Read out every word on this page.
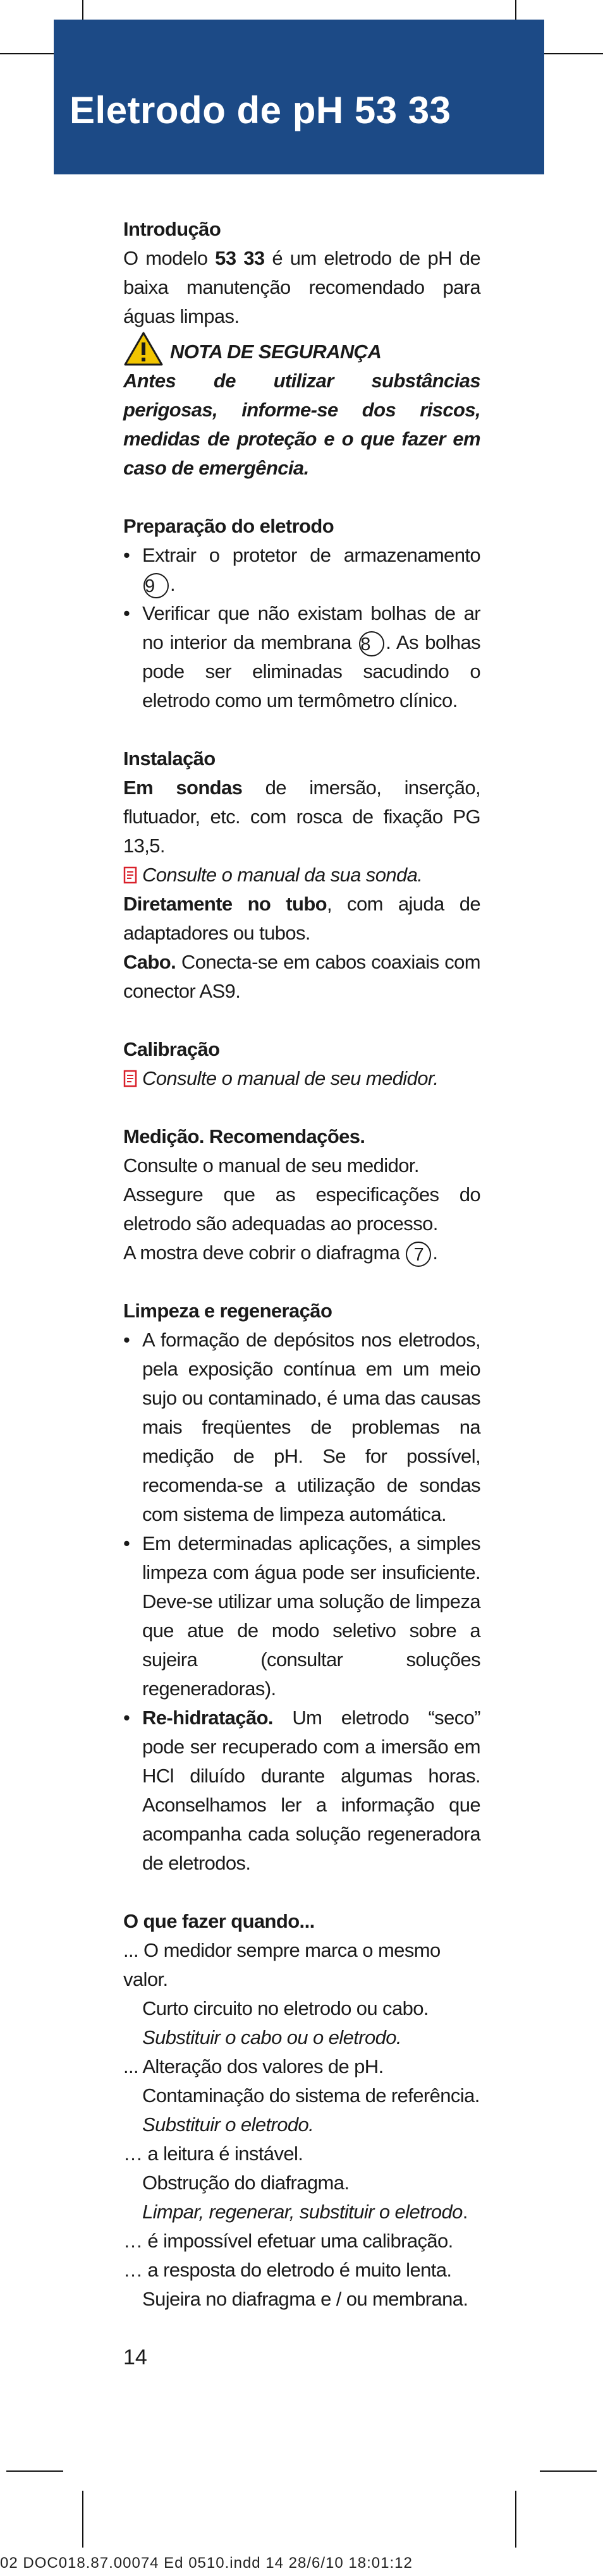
Eletrodo de pH 53 33

Introdução

O modelo 53 33 é um eletrodo de pH de baixa manutenção recomendado para águas limpas.

NOTA DE SEGURANÇA

Antes de utilizar substâncias perigosas, informe-se dos riscos, medidas de proteção e o que fazer em caso de emergência.

Preparação do eletrodo

• Extrair o protetor de armazenamento 9 .
• Verificar que não existam bolhas de ar no interior da membrana 8 . As bolhas pode ser eliminadas sacudindo o eletrodo como um termômetro clínico.

Instalação

Em sondas de imersão, inserção, flutuador, etc. com rosca de fixação PG 13,5.

Consulte o manual da sua sonda.

Diretamente no tubo, com ajuda de adaptadores ou tubos.

Cabo. Conecta-se em cabos coaxiais com conector AS9.

Calibração

Consulte o manual de seu medidor.

Medição. Recomendações.

Consulte o manual de seu medidor.

Assegure que as especificações do eletrodo são adequadas ao processo.

A mostra deve cobrir o diafragma 7 .

Limpeza e regeneração

• A formação de depósitos nos eletrodos, pela exposição contínua em um meio sujo ou contaminado, é uma das causas mais freqüentes de problemas na medição de pH. Se for possível, recomenda-se a utilização de sondas com sistema de limpeza automática.
• Em determinadas aplicações, a simples limpeza com água pode ser insuficiente. Deve-se utilizar uma solução de limpeza que atue de modo seletivo sobre a sujeira (consultar soluções regeneradoras).
• Re-hidratação. Um eletrodo “seco” pode ser recuperado com a imersão em HCl diluído durante algumas horas. Aconselhamos ler a informação que acompanha cada solução regeneradora de eletrodos.

O que fazer quando...

... O medidor sempre marca o mesmo valor.

Curto circuito no eletrodo ou cabo.

Substituir o cabo ou o eletrodo.

... Alteração dos valores de pH.

Contaminação do sistema de referência.

Substituir o eletrodo.

… a leitura é instável.

Obstrução do diafragma.

Limpar, regenerar, substituir o eletrodo.

… é impossível efetuar uma calibração.

… a resposta do eletrodo é muito lenta.

Sujeira no diafragma e / ou membrana.

14
02 DOC018.87.00074 Ed 0510.indd 14 28/6/10 18:01:12
